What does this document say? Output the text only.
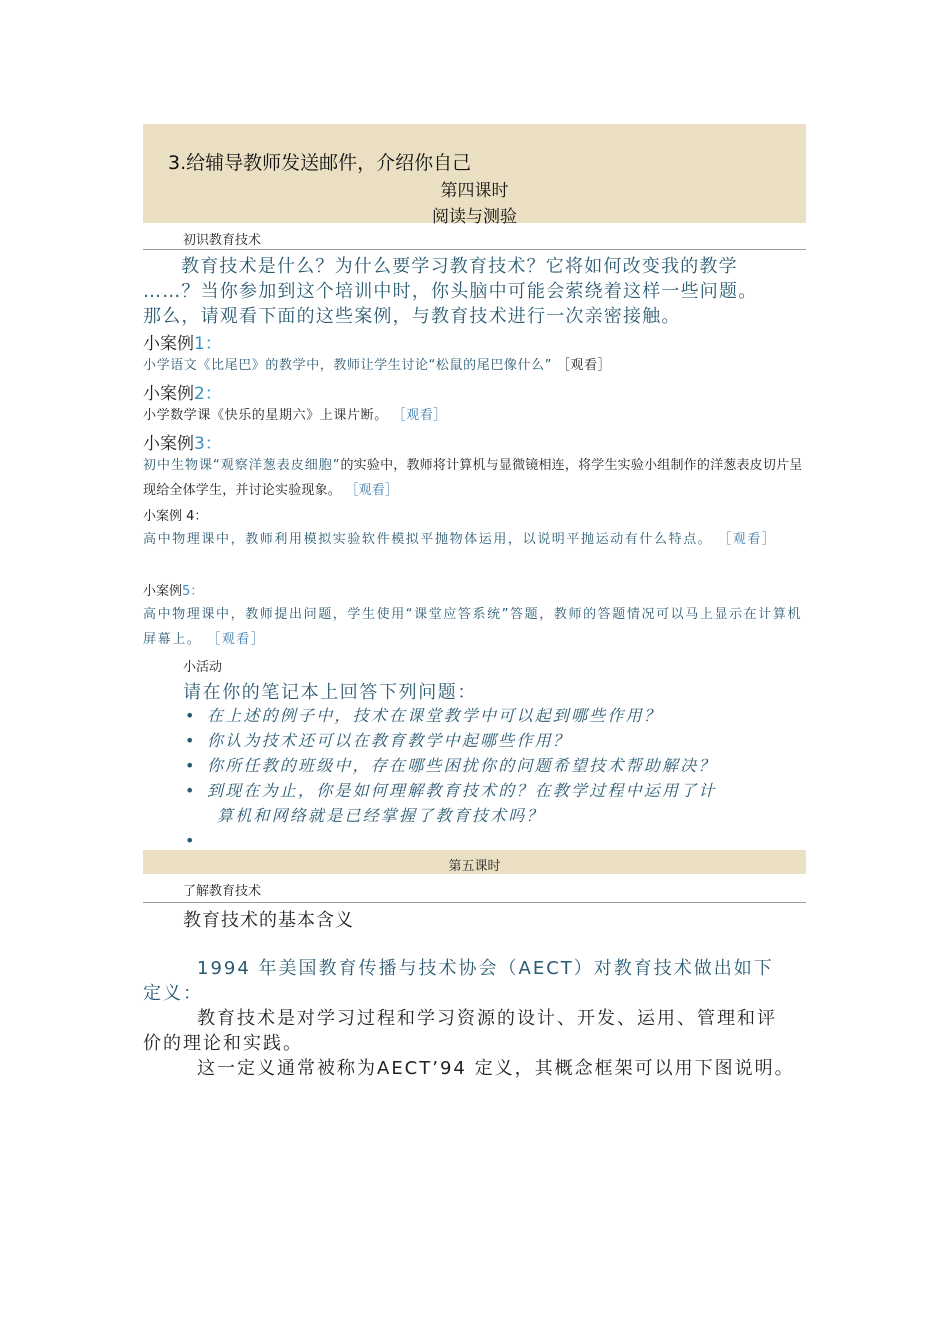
3.给辅导教师发送邮件，介绍你自己
第四课时
阅读与测验
初识教育技术
教育技术是什么？为什么要学习教育技术？它将如何改变我的教学
……？当你参加到这个培训中时，你头脑中可能会萦绕着这样一些问题。
那么，请观看下面的这些案例，与教育技术进行一次亲密接触。
小案例1：
小学语文《比尾巴》的教学中，教师让学生讨论“松鼠的尾巴像什么” ［观看］
小案例2：
小学数学课《快乐的星期六》上课片断。 ［观看］
小案例3：
初中生物课“观察洋葱表皮细胞”的实验中，教师将计算机与显微镜相连，将学生实验小组制作的洋葱表皮切片呈现给全体学生，并讨论实验现象。 ［观看］
小案例 4：
高中物理课中，教师利用模拟实验软件模拟平抛物体运用，以说明平抛运动有什么特点。 ［观看］
小案例5：
高中物理课中，教师提出问题，学生使用“课堂应答系统”答题，教师的答题情况可以马上显示在计算机屏幕上。 ［观看］
小活动
请在你的笔记本上回答下列问题：
• 在上述的例子中，技术在课堂教学中可以起到哪些作用？
• 你认为技术还可以在教育教学中起哪些作用？
• 你所任教的班级中，存在哪些困扰你的问题希望技术帮助解决？
• 到现在为止，你是如何理解教育技术的？在教学过程中运用了计
算机和网络就是已经掌握了教育技术吗？
•

第五课时
了解教育技术
教育技术的基本含义
1994 年美国教育传播与技术协会（AECT）对教育技术做出如下
定义：
教育技术是对学习过程和学习资源的设计、开发、运用、管理和评
价的理论和实践。
这一定义通常被称为AECT’94 定义，其概念框架可以用下图说明。
